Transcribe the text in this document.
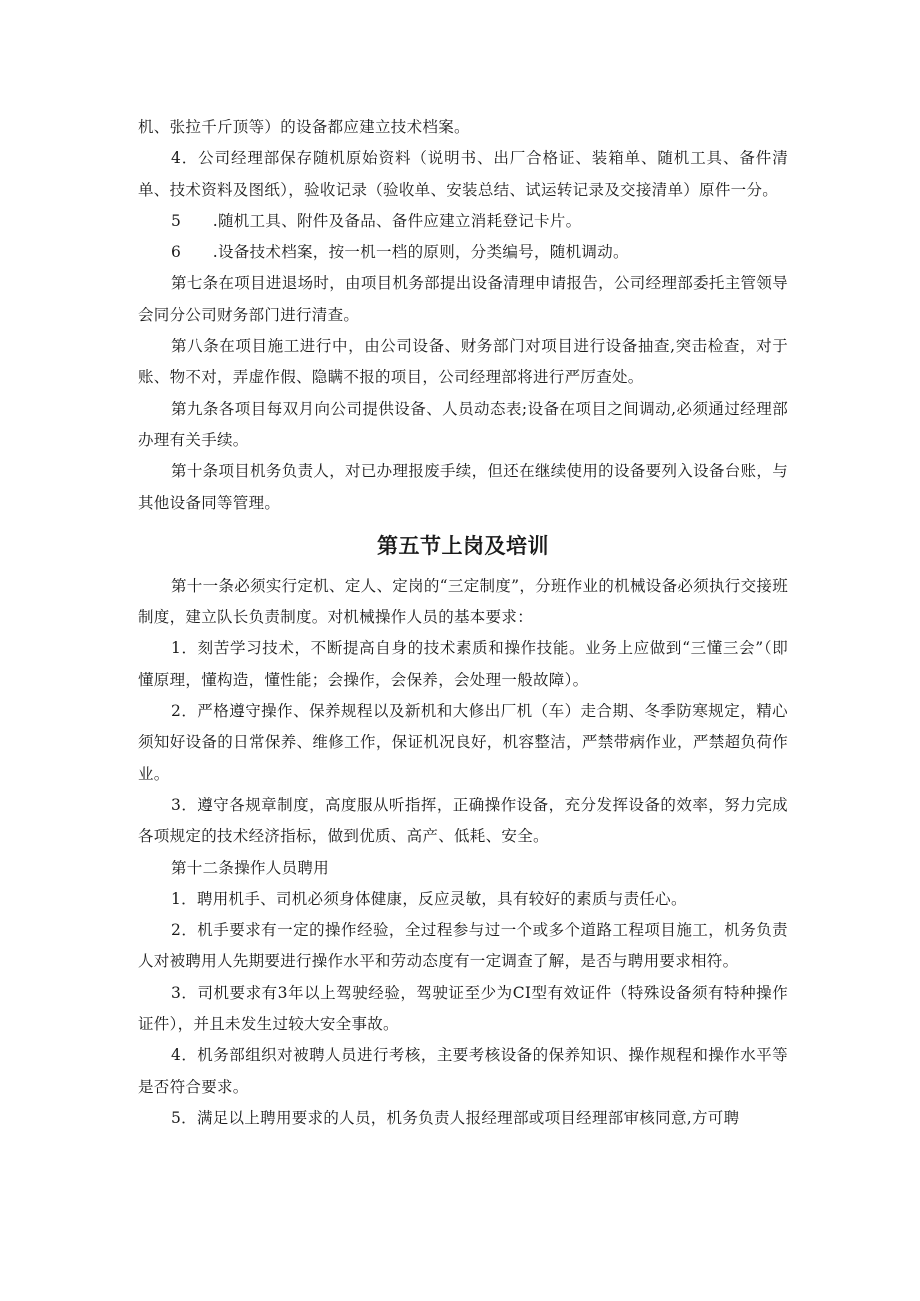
机、张拉千斤顶等）的设备都应建立技术档案。

4．公司经理部保存随机原始资料（说明书、出厂合格证、装箱单、随机工具、备件清单、技术资料及图纸），验收记录（验收单、安装总结、试运转记录及交接清单）原件一分。

5　　.随机工具、附件及备品、备件应建立消耗登记卡片。

6　　.设备技术档案，按一机一档的原则，分类编号，随机调动。

第七条在项目进退场时，由项目机务部提出设备清理申请报告，公司经理部委托主管领导会同分公司财务部门进行清查。

第八条在项目施工进行中，由公司设备、财务部门对项目进行设备抽查,突击检查，对于账、物不对，弄虚作假、隐瞒不报的项目，公司经理部将进行严厉查处。

第九条各项目每双月向公司提供设备、人员动态表;设备在项目之间调动,必须通过经理部办理有关手续。

第十条项目机务负责人，对已办理报废手续，但还在继续使用的设备要列入设备台账，与其他设备同等管理。

第五节上岗及培训

第十一条必须实行定机、定人、定岗的“三定制度”，分班作业的机械设备必须执行交接班制度，建立队长负责制度。对机械操作人员的基本要求：

1．刻苦学习技术，不断提高自身的技术素质和操作技能。业务上应做到“三懂三会”（即懂原理，懂构造，懂性能；会操作，会保养，会处理一般故障）。

2．严格遵守操作、保养规程以及新机和大修出厂机（车）走合期、冬季防寒规定，精心须知好设备的日常保养、维修工作，保证机况良好，机容整洁，严禁带病作业，严禁超负荷作业。

3．遵守各规章制度，高度服从听指挥，正确操作设备，充分发挥设备的效率，努力完成各项规定的技术经济指标，做到优质、高产、低耗、安全。

第十二条操作人员聘用

1．聘用机手、司机必须身体健康，反应灵敏，具有较好的素质与责任心。

2．机手要求有一定的操作经验，全过程参与过一个或多个道路工程项目施工，机务负责人对被聘用人先期要进行操作水平和劳动态度有一定调查了解，是否与聘用要求相符。

3．司机要求有3年以上驾驶经验，驾驶证至少为CI型有效证件（特殊设备须有特种操作证件），并且未发生过较大安全事故。

4．机务部组织对被聘人员进行考核，主要考核设备的保养知识、操作规程和操作水平等是否符合要求。

5．满足以上聘用要求的人员，机务负责人报经理部或项目经理部审核同意,方可聘
